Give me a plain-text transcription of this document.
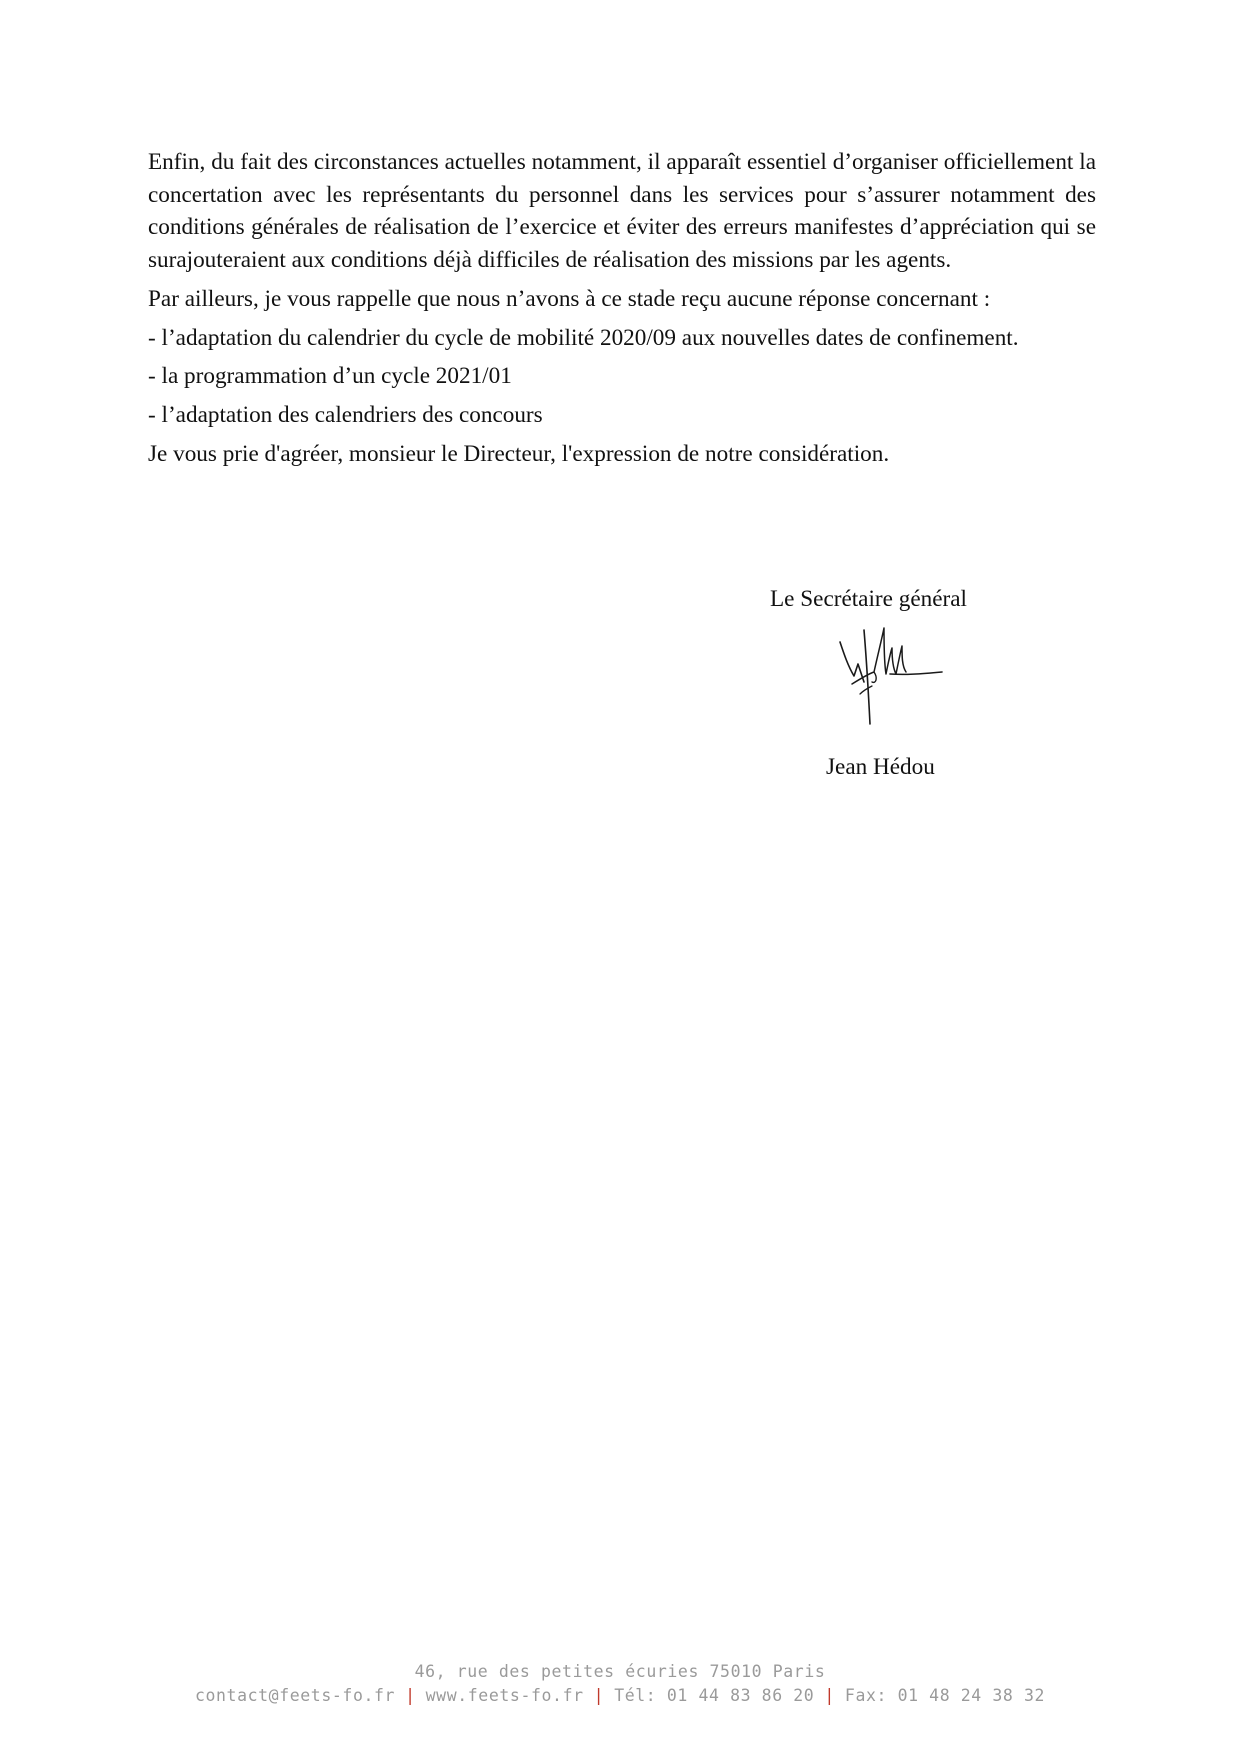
Enfin, du fait des circonstances actuelles notamment, il apparaît essentiel d’organiser officiellement la concertation avec les représentants du personnel dans les services pour s’assurer notamment des conditions générales de réalisation de l’exercice et éviter des erreurs manifestes d’appréciation qui se surajouteraient aux conditions déjà difficiles de réalisation des missions par les agents.

Par ailleurs, je vous rappelle que nous n’avons à ce stade reçu aucune réponse concernant :

- l’adaptation du calendrier du cycle de mobilité 2020/09 aux nouvelles dates de confinement.

- la programmation d’un cycle 2021/01

- l’adaptation des calendriers des concours

Je vous prie d'agréer, monsieur le Directeur, l'expression de notre considération.

Le Secrétaire général
Jean Hédou
46, rue des petites écuries 75010 Paris
contact@feets-fo.fr | www.feets-fo.fr | Tél: 01 44 83 86 20 | Fax: 01 48 24 38 32
